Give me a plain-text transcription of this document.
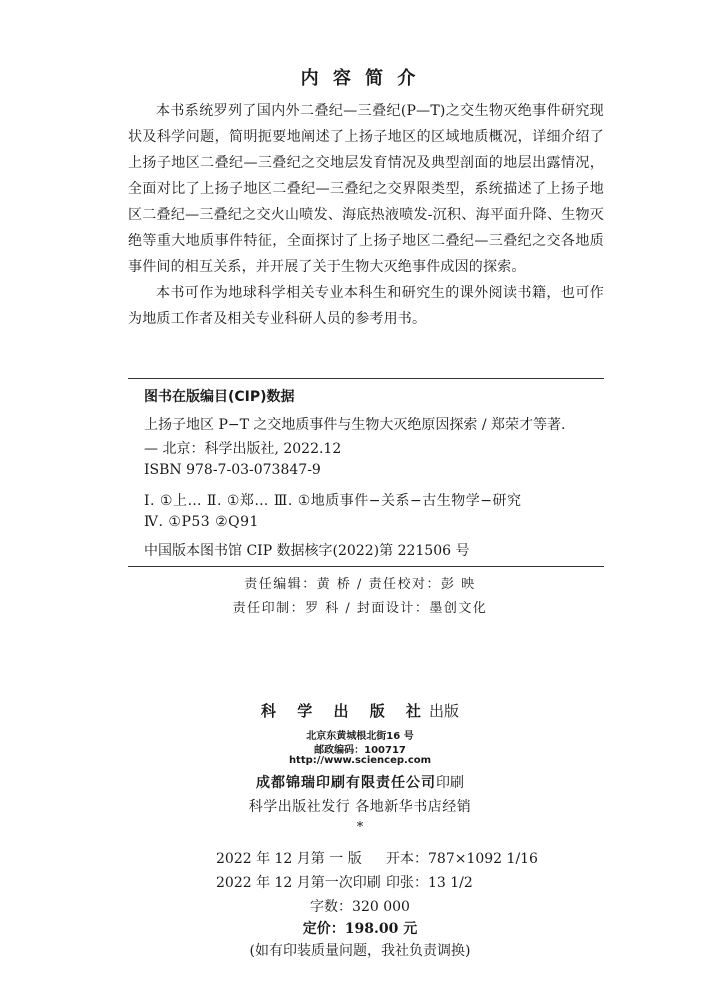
内 容 简 介

本书系统罗列了国内外二叠纪—三叠纪(P—T)之交生物灭绝事件研究现状及科学问题，简明扼要地阐述了上扬子地区的区域地质概况，详细介绍了上扬子地区二叠纪—三叠纪之交地层发育情况及典型剖面的地层出露情况，全面对比了上扬子地区二叠纪—三叠纪之交界限类型，系统描述了上扬子地区二叠纪—三叠纪之交火山喷发、海底热液喷发-沉积、海平面升降、生物灭绝等重大地质事件特征，全面探讨了上扬子地区二叠纪—三叠纪之交各地质事件间的相互关系，并开展了关于生物大灭绝事件成因的探索。

本书可作为地球科学相关专业本科生和研究生的课外阅读书籍，也可作为地质工作者及相关专业科研人员的参考用书。

图书在版编目(CIP)数据
上扬子地区 P−T 之交地质事件与生物大灭绝原因探索 / 郑荣才等著.
— 北京：科学出版社, 2022.12
ISBN 978-7-03-073847-9
Ⅰ. ①上… Ⅱ. ①郑… Ⅲ. ①地质事件−关系−古生物学−研究
Ⅳ. ①P53 ②Q91
中国版本图书馆 CIP 数据核字(2022)第 221506 号
责任编辑：黄 桥 / 责任校对：彭 映
责任印制：罗 科 / 封面设计：墨创文化
科 学 出 版 社出版
北京东黄城根北街16 号
邮政编码：100717
http://www.sciencep.com
成都锦瑞印刷有限责任公司印刷
科学出版社发行 各地新华书店经销
*
2022 年 12 月第 一 版 开本：787×1092 1/16
2022 年 12 月第一次印刷 印张：13 1/2
字数：320 000
定价：198.00 元
(如有印装质量问题，我社负责调换)
